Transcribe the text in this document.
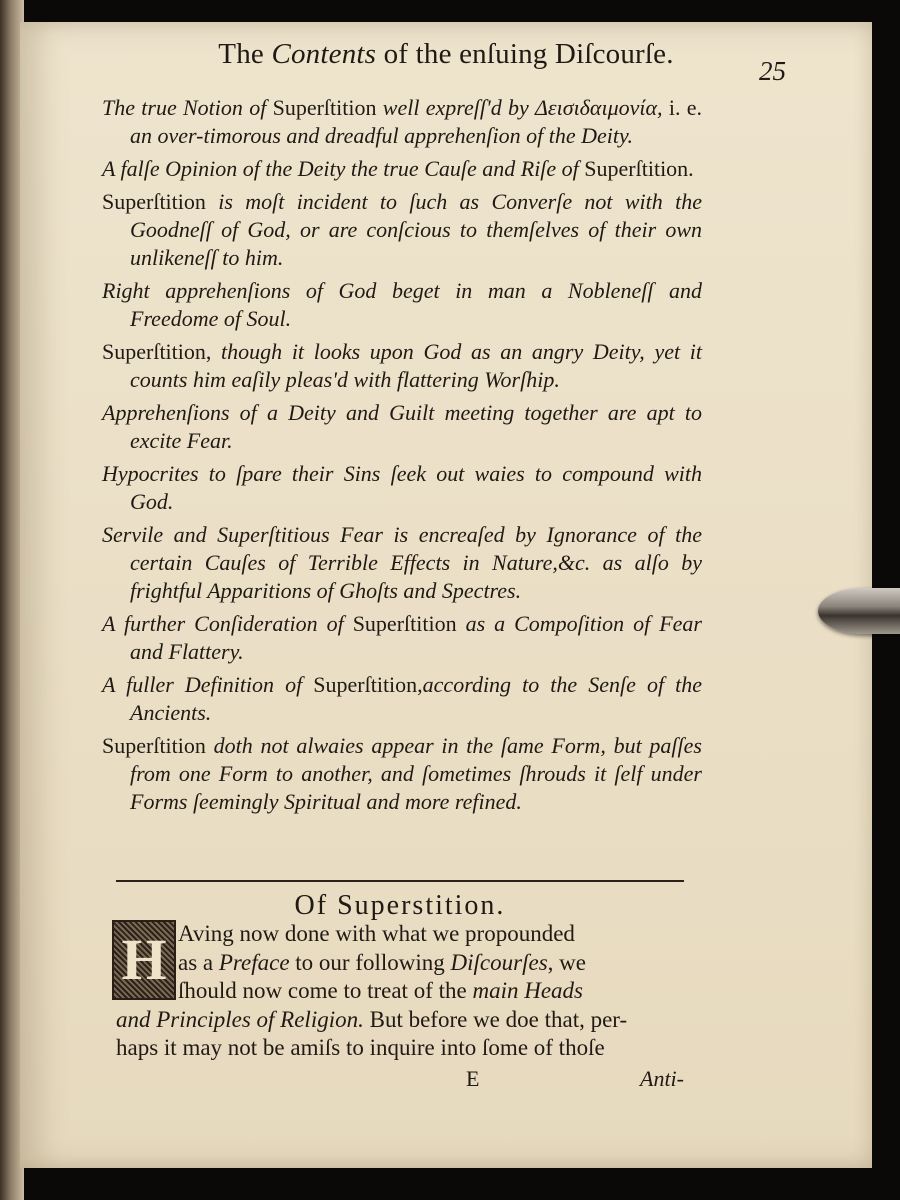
The Contents of the enſuing Diſcourſe.
25
The true Notion of Superſtition well expreſſ'd by Δεισιδαιμονία, i. e. an over-timorous and dreadful apprehenſion of the Deity.
A falſe Opinion of the Deity the true Cauſe and Riſe of Superſtition.
Superſtition is moſt incident to ſuch as Converſe not with the Goodneſſ of God, or are conſcious to themſelves of their own unlikeneſſ to him.
Right apprehenſions of God beget in man a Nobleneſſ and Freedome of Soul.
Superſtition, though it looks upon God as an angry Deity, yet it counts him eaſily pleas'd with flattering Worſhip.
Apprehenſions of a Deity and Guilt meeting together are apt to excite Fear.
Hypocrites to ſpare their Sins ſeek out waies to compound with God.
Servile and Superſtitious Fear is encreaſed by Ignorance of the certain Cauſes of Terrible Effects in Nature,&c. as alſo by frightful Apparitions of Ghoſts and Spectres.
A further Conſideration of Superſtition as a Compoſition of Fear and Flattery.
A fuller Definition of Superſtition,according to the Senſe of the Ancients.
Superſtition doth not alwaies appear in the ſame Form, but paſſes from one Form to another, and ſometimes ſhrouds it ſelf under Forms ſeemingly Spiritual and more refined.
Of Superstition.
H Aving now done with what we propounded
as a Preface to our following Diſcourſes, we
ſhould now come to treat of the main Heads
and Principles of Religion. But before we doe that, per-
haps it may not be amiſs to inquire into ſome of thoſe
E	Anti-
